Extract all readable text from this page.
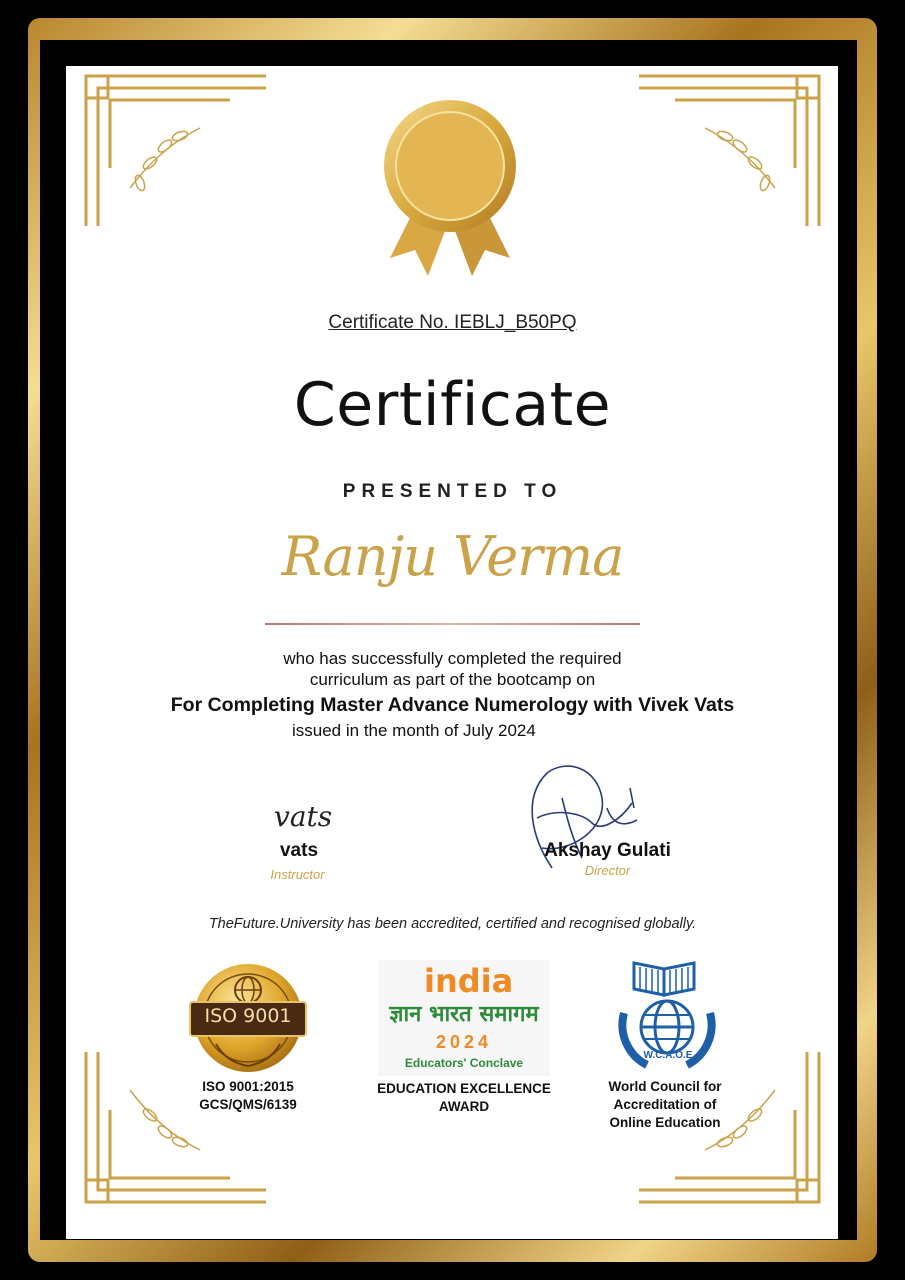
Certificate No. IEBLJ_B50PQ
Certificate
PRESENTED TO
Ranju Verma
who has successfully completed the required
curriculum as part of the bootcamp on
For Completing Master Advance Numerology with Vivek Vats
issued in the month of July 2024
vats
vats
Instructor
Akshay Gulati
Director
TheFuture.University has been accredited, certified and recognised globally.
ISO 9001
ISO 9001:2015
GCS/QMS/6139
india
ज्ञान भारत समागम
2024
Educators' Conclave
EDUCATION EXCELLENCE
AWARD
W.C.A.O.E
World Council for
Accreditation of
Online Education
